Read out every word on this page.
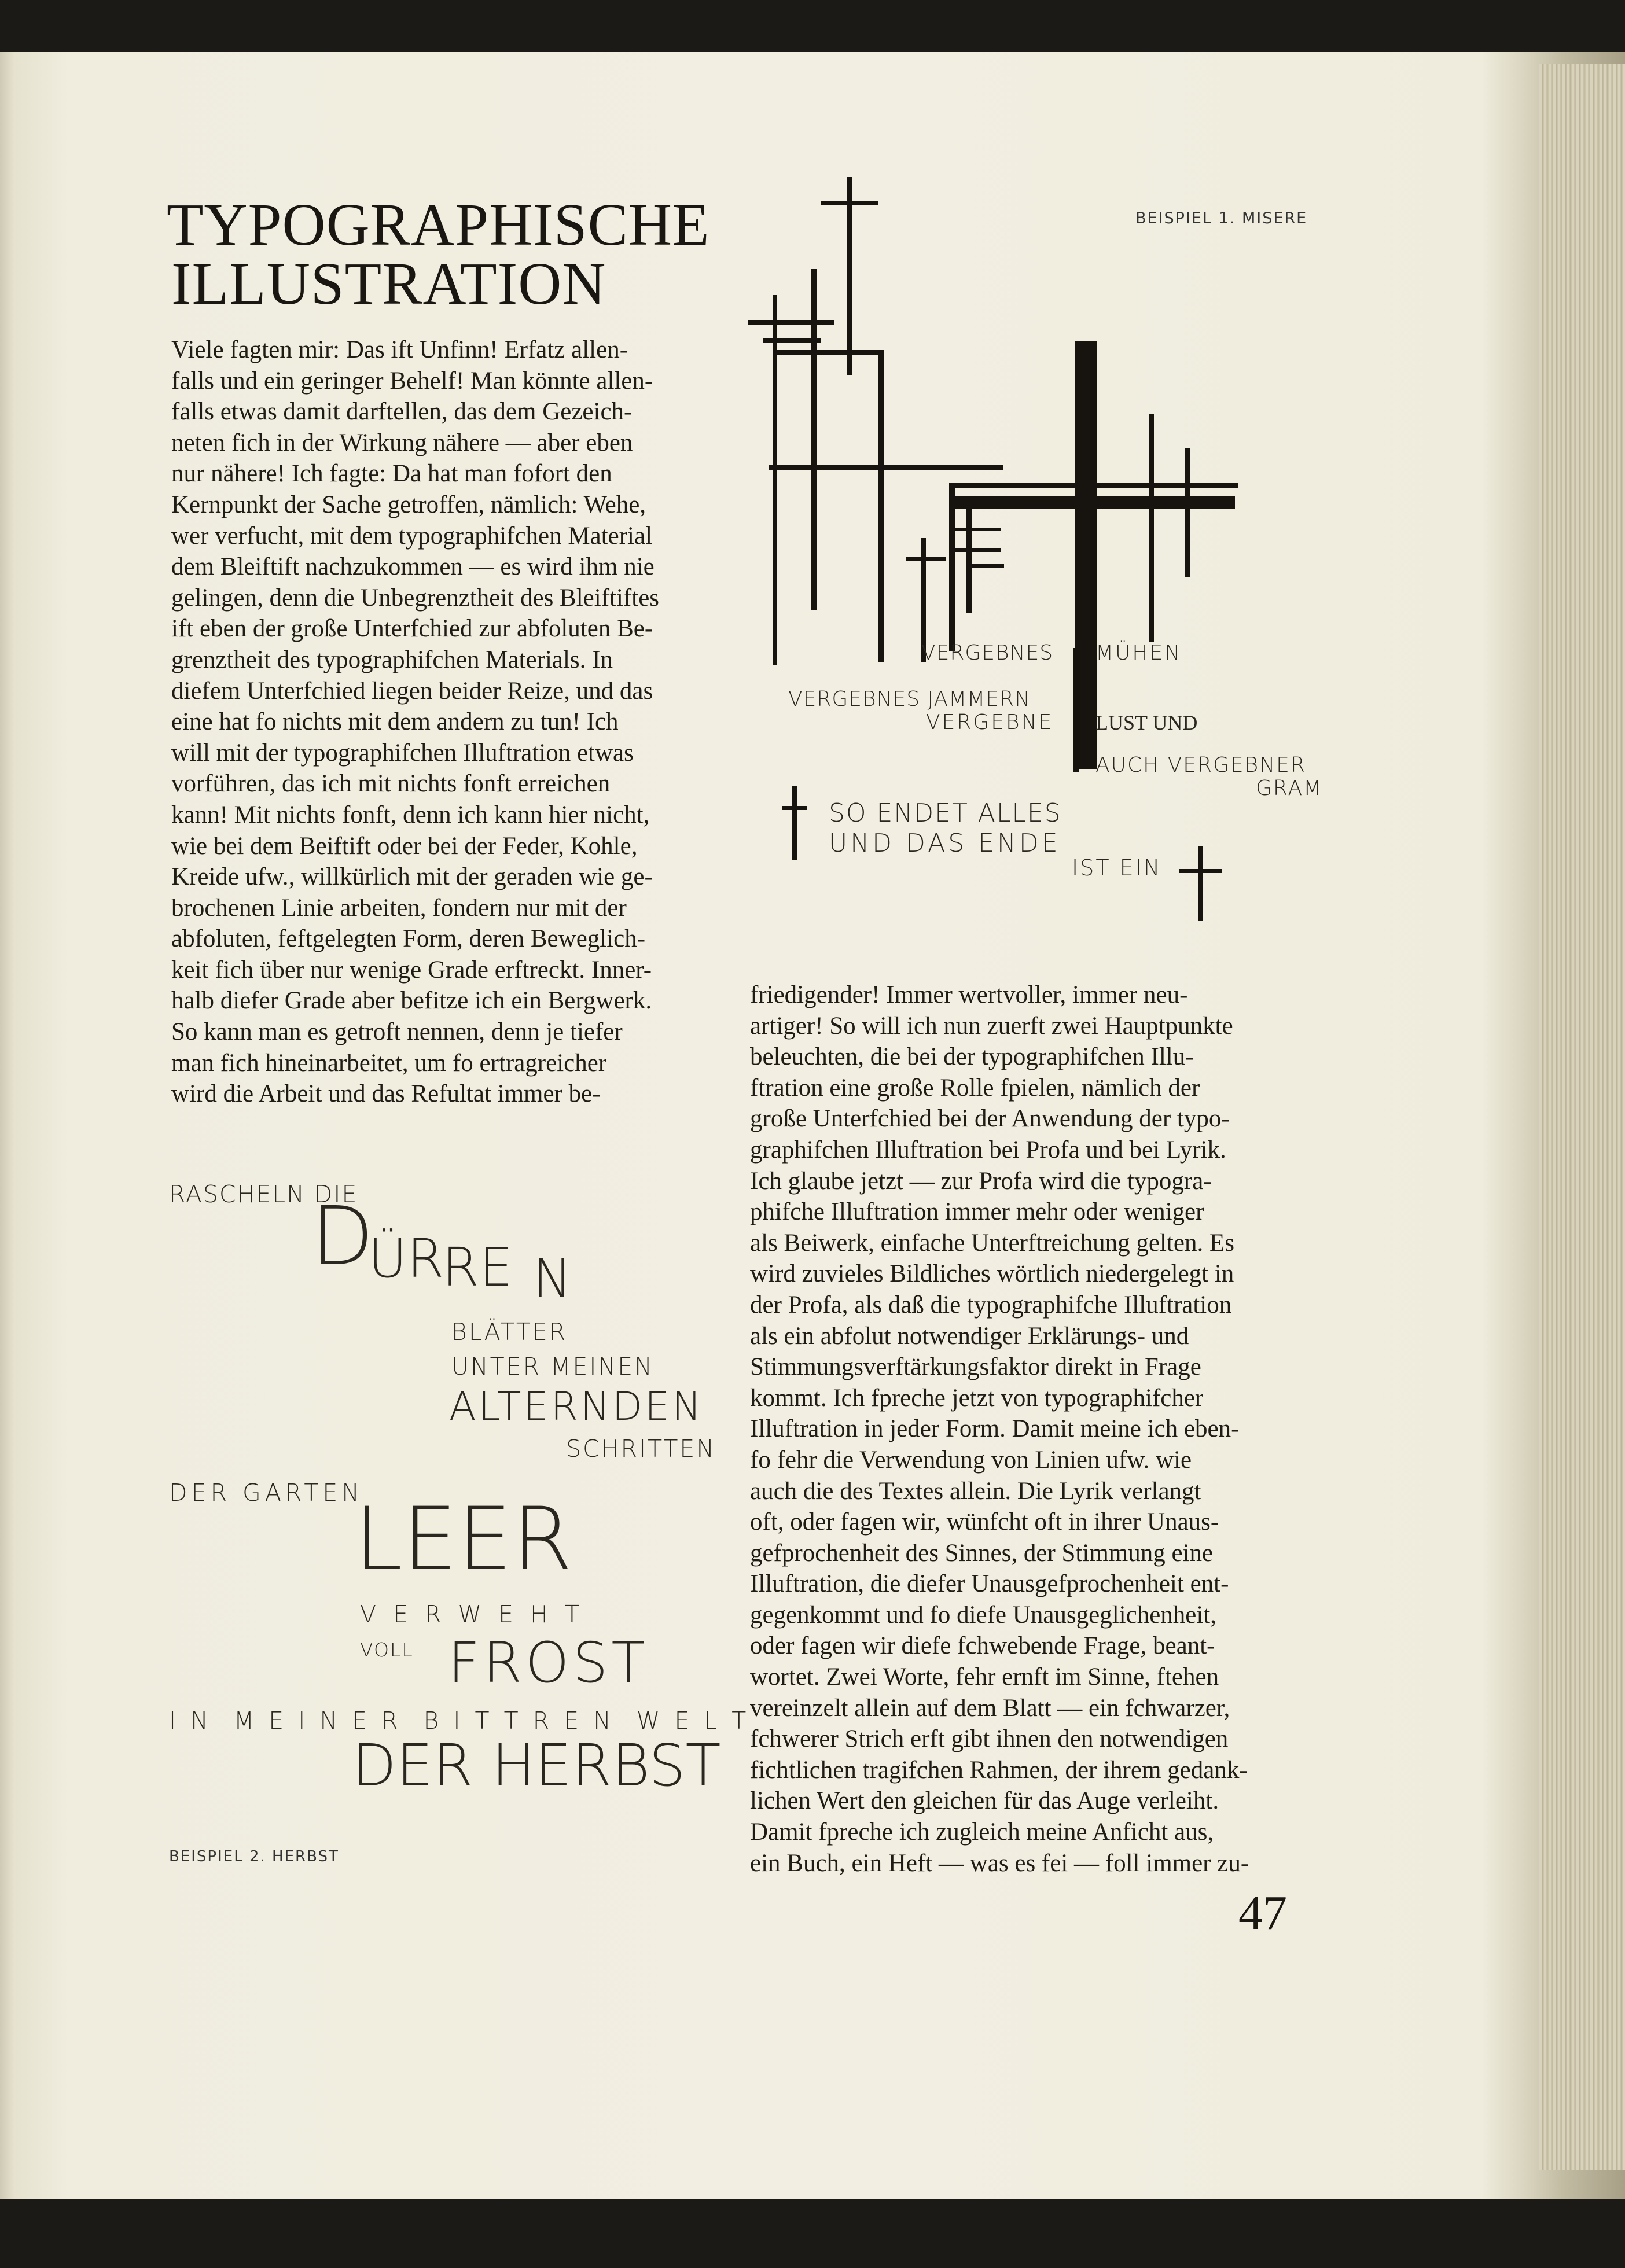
TYPOGRAPHISCHE
ILLUSTRATION

Viele fagten mir: Das ift Unfinn! Erfatz allen-

falls und ein geringer Behelf! Man könnte allen-

falls etwas damit darftellen, das dem Gezeich-

neten fich in der Wirkung nähere — aber eben

nur nähere! Ich fagte: Da hat man fofort den

Kernpunkt der Sache getroffen, nämlich: Wehe,

wer verfucht, mit dem typographifchen Material

dem Bleiftift nachzukommen — es wird ihm nie

gelingen, denn die Unbegrenztheit des Bleiftiftes

ift eben der große Unterfchied zur abfoluten Be-

grenztheit des typographifchen Materials. In

diefem Unterfchied liegen beider Reize, und das

eine hat fo nichts mit dem andern zu tun! Ich

will mit der typographifchen Illuftration etwas

vorführen, das ich mit nichts fonft erreichen

kann! Mit nichts fonft, denn ich kann hier nicht,

wie bei dem Beiftift oder bei der Feder, Kohle,

Kreide ufw., willkürlich mit der geraden wie ge-

brochenen Linie arbeiten, fondern nur mit der

abfoluten, feftgelegten Form, deren Beweglich-

keit fich über nur wenige Grade erftreckt. Inner-

halb diefer Grade aber befitze ich ein Bergwerk.

So kann man es getroft nennen, denn je tiefer

man fich hineinarbeitet, um fo ertragreicher

wird die Arbeit und das Refultat immer be-

friedigender! Immer wertvoller, immer neu-

artiger! So will ich nun zuerft zwei Hauptpunkte

beleuchten, die bei der typographifchen Illu-

ftration eine große Rolle fpielen, nämlich der

große Unterfchied bei der Anwendung der typo-

graphifchen Illuftration bei Profa und bei Lyrik.

Ich glaube jetzt — zur Profa wird die typogra-

phifche Illuftration immer mehr oder weniger

als Beiwerk, einfache Unterftreichung gelten. Es

wird zuvieles Bildliches wörtlich niedergelegt in

der Profa, als daß die typographifche Illuftration

als ein abfolut notwendiger Erklärungs- und

Stimmungsverftärkungsfaktor direkt in Frage

kommt. Ich fpreche jetzt von typographifcher

Illuftration in jeder Form. Damit meine ich eben-

fo fehr die Verwendung von Linien ufw. wie

auch die des Textes allein. Die Lyrik verlangt

oft, oder fagen wir, wünfcht oft in ihrer Unaus-

gefprochenheit des Sinnes, der Stimmung eine

Illuftration, die diefer Unausgefprochenheit ent-

gegenkommt und fo diefe Unausgeglichenheit,

oder fagen wir diefe fchwebende Frage, beant-

wortet. Zwei Worte, fehr ernft im Sinne, ftehen

vereinzelt allein auf dem Blatt — ein fchwarzer,

fchwerer Strich erft gibt ihnen den notwendigen

fichtlichen tragifchen Rahmen, der ihrem gedank-

lichen Wert den gleichen für das Auge verleiht.

Damit fpreche ich zugleich meine Anficht aus,

ein Buch, ein Heft — was es fei — foll immer zu-

BEISPIEL 1. MISERE
VERGEBNES MÜHEN
VERGEBNES JAMMERN
VERGEBNE LUST UND
AUCH VERGEBNER
GRAM
SO ENDET ALLES
UND DAS ENDE
IST EIN
RASCHELN DIE
D
ÜR
RE N
BLÄTTER
UNTER MEINEN
ALTERNDEN
SCHRITTEN
DER GARTEN
LEER
V E R W E H T
VOLL FROST
I N  M E I N E R  B I T T R E N  W E L T
DER HERBST
BEISPIEL 2. HERBST
47
